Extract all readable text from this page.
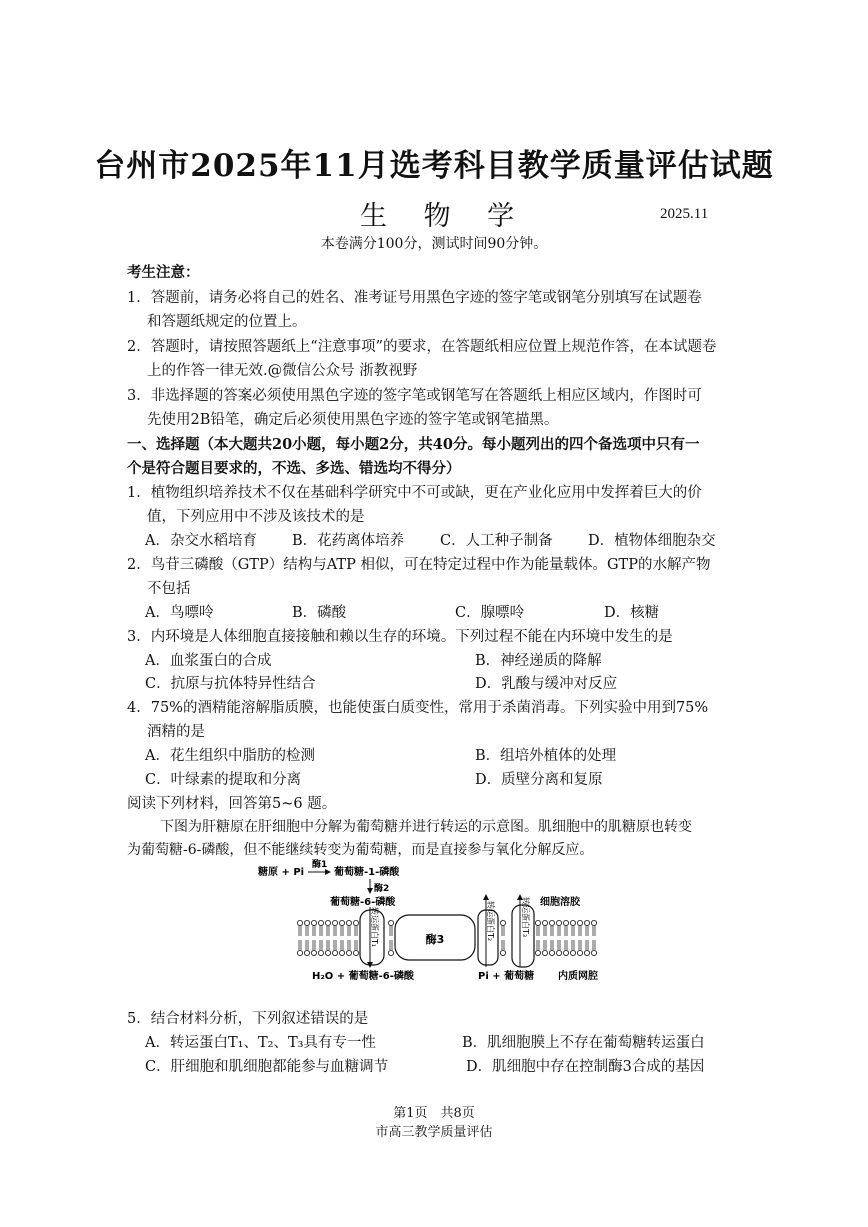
台州市2025年11月选考科目教学质量评估试题
生 物 学	2025.11
本卷满分100分，测试时间90分钟。
考生注意：
1．答题前，请务必将自己的姓名、准考证号用黑色字迹的签字笔或钢笔分别填写在试题卷
和答题纸规定的位置上。
2．答题时，请按照答题纸上“注意事项”的要求，在答题纸相应位置上规范作答，在本试题卷
上的作答一律无效.@微信公众号 浙教视野
3．非选择题的答案必须使用黑色字迹的签字笔或钢笔写在答题纸上相应区域内，作图时可
先使用2B铅笔，确定后必须使用黑色字迹的签字笔或钢笔描黑。
一、选择题（本大题共20小题，每小题2分，共40分。每小题列出的四个备选项中只有一
个是符合题目要求的，不选、多选、错选均不得分）
1．植物组织培养技术不仅在基础科学研究中不可或缺，更在产业化应用中发挥着巨大的价
值，下列应用中不涉及该技术的是
A．杂交水稻培育 B．花药离体培养 C．人工种子制备 D．植物体细胞杂交
2．鸟苷三磷酸（GTP）结构与ATP 相似，可在特定过程中作为能量载体。GTP的水解产物
不包括
A．鸟嘌呤	B．磷酸	C．腺嘌呤	D．核糖
3．内环境是人体细胞直接接触和赖以生存的环境。下列过程不能在内环境中发生的是
A．血浆蛋白的合成	B．神经递质的降解
C．抗原与抗体特异性结合	D．乳酸与缓冲对反应
4．75%的酒精能溶解脂质膜，也能使蛋白质变性，常用于杀菌消毒。下列实验中用到75%
酒精的是
A．花生组织中脂肪的检测	B．组培外植体的处理
C．叶绿素的提取和分离	D．质壁分离和复原
阅读下列材料，回答第5~6 题。
下图为肝糖原在肝细胞中分解为葡萄糖并进行转运的示意图。肌细胞中的肌糖原也转变
为葡萄糖-6-磷酸，但不能继续转变为葡萄糖，而是直接参与氧化分解反应。
糖原 + Pi
酶1
葡萄糖-1-磷酸
酶2
葡萄糖-6-磷酸	细胞溶胶
转运蛋白T₁	酶3	转运蛋白T₂	转运蛋白T₃
H₂O + 葡萄糖-6-磷酸	Pi + 葡萄糖 内质网腔
5．结合材料分析，下列叙述错误的是
A．转运蛋白T₁、T₂、T₃具有专一性	B．肌细胞膜上不存在葡萄糖转运蛋白
C．肝细胞和肌细胞都能参与血糖调节	D．肌细胞中存在控制酶3合成的基因
第1页　共8页
市高三教学质量评估
